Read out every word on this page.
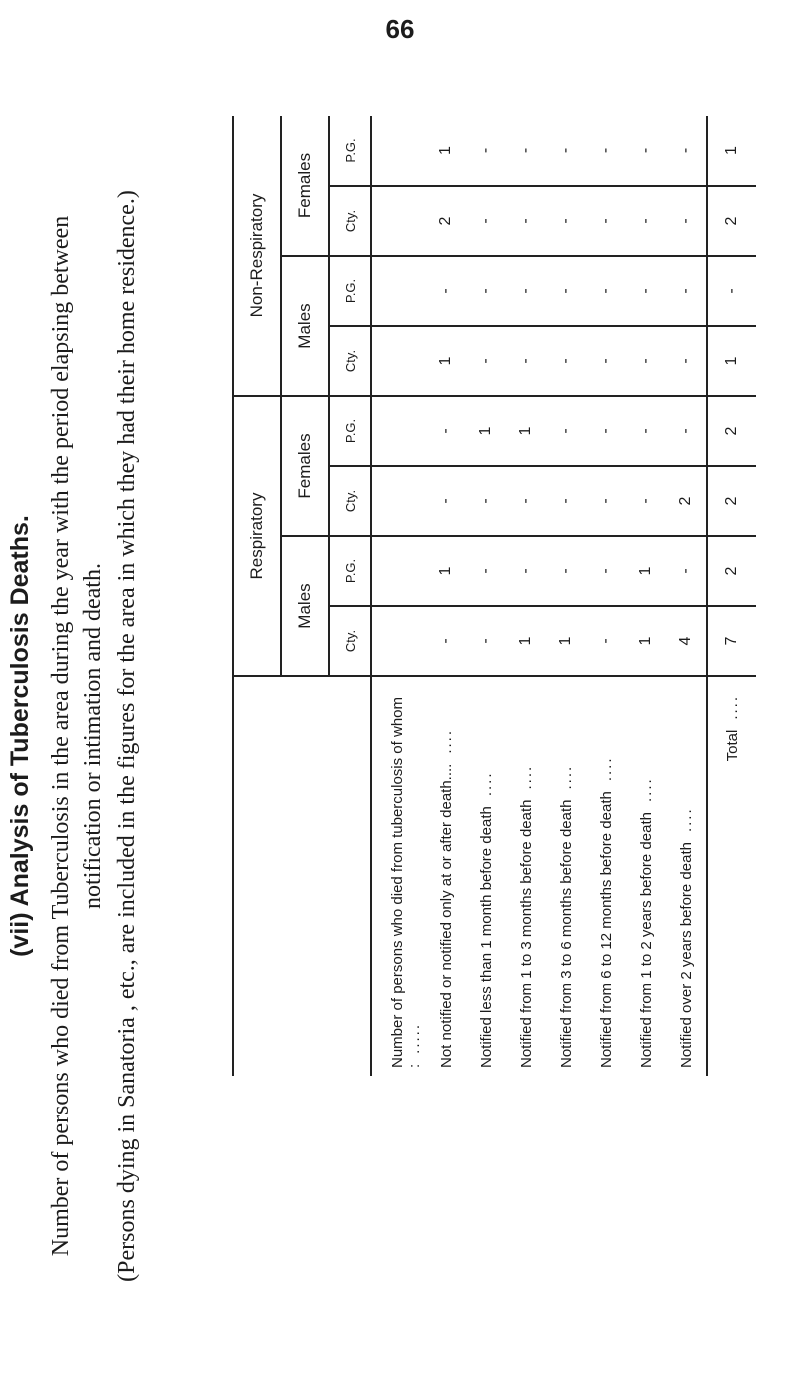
66
(vii) Analysis of Tuberculosis Deaths. Number of persons who died from Tuberculosis in the area during the year with the period elapsing between notification or intimation and death. (Persons dying in Sanatoria , etc., are included in the figures for the area in which they had their home residence.)
		Respiratory				Non-Respiratory			
	Males		Females		Males		Females	
	Cty.	P.G.	Cty.	P.G.	Cty.	P.G.	Cty.	P.G.

Number of persons who died from tuberculosis of whom :.....								
Not notified or notified only at or after death........	-	1	-	-	1	-	2	1
Notified less than 1 month before death....	-	-	-	1	-	-	-	-
Notified from 1 to 3 months before death....	1	-	-	1	-	-	-	-
Notified from 3 to 6 months before death....	1	-	-	-	-	-	-	-
Notified from 6 to 12 months before death....	-	-	-	-	-	-	-	-
Notified from 1 to 2 years before death....	1	1	-	-	-	-	-	-
Notified over 2 years before death....	4	-	2	-	-	-	-	-
Total....	7	2	2	2	1	-	2	1
